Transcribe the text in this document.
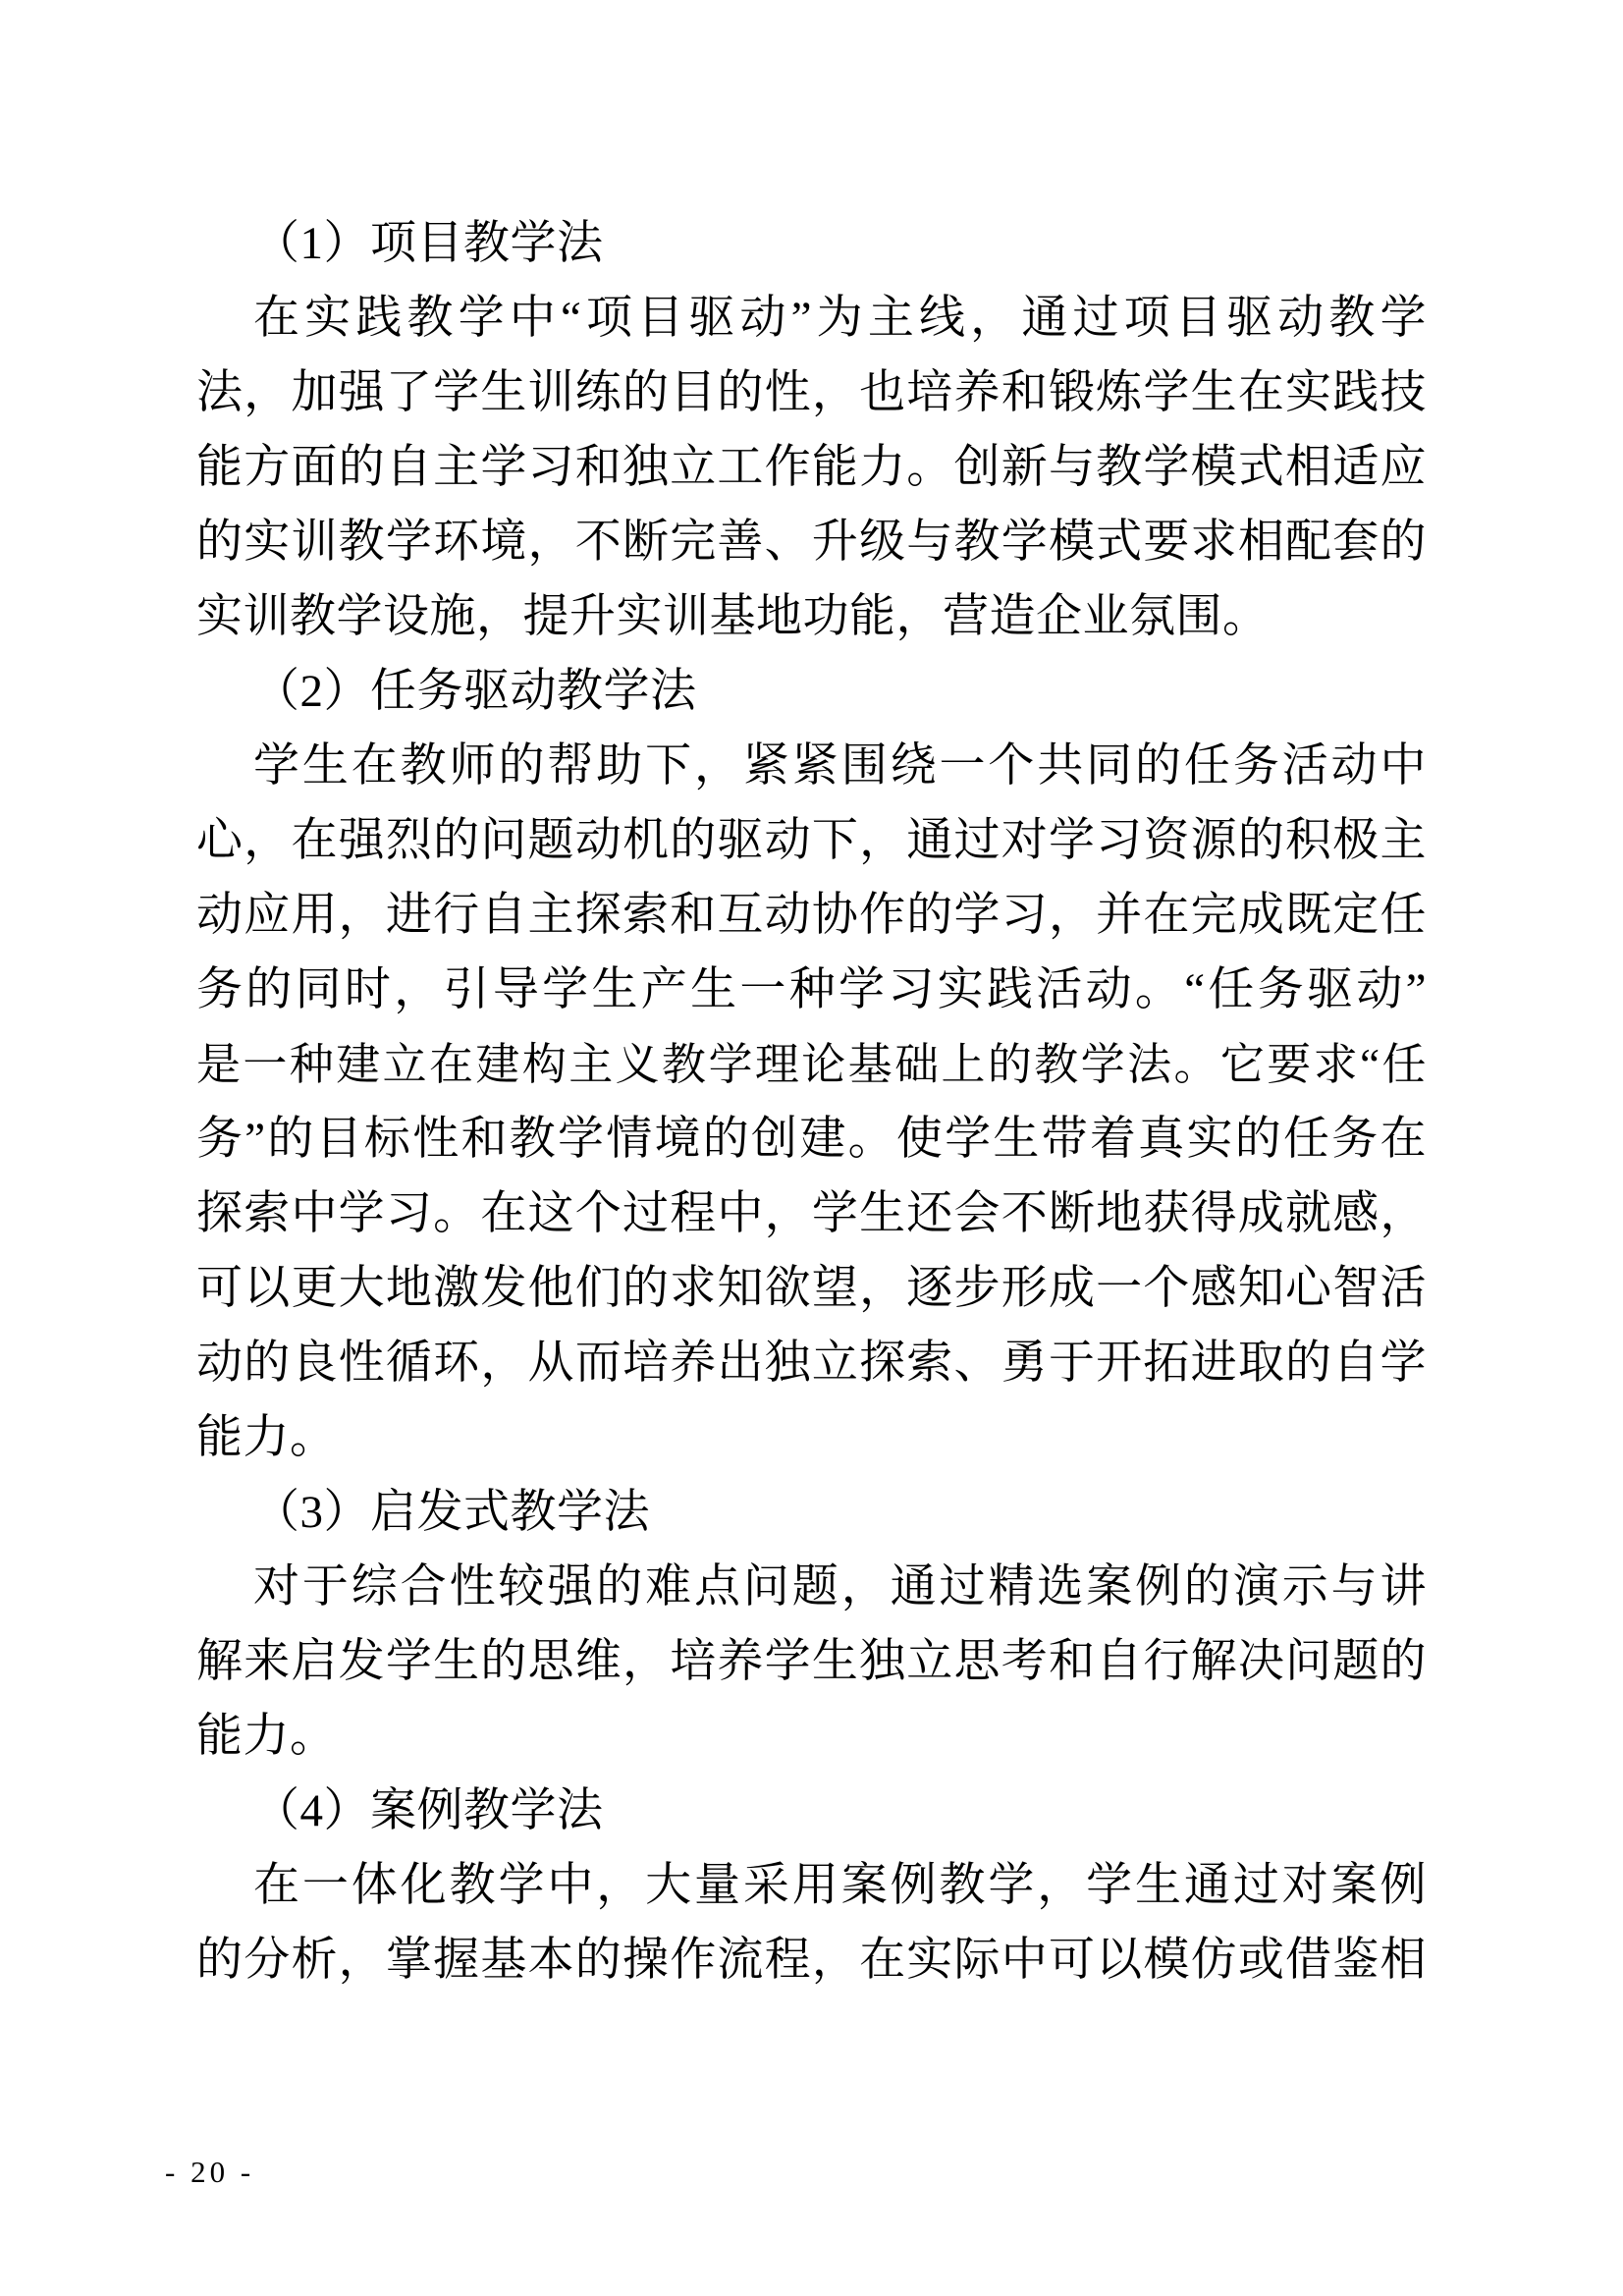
（1）项目教学法
在实践教学中“项目驱动”为主线，通过项目驱动教学
法，加强了学生训练的目的性，也培养和锻炼学生在实践技
能方面的自主学习和独立工作能力。创新与教学模式相适应
的实训教学环境，不断完善、升级与教学模式要求相配套的
实训教学设施，提升实训基地功能，营造企业氛围。
（2）任务驱动教学法
学生在教师的帮助下，紧紧围绕一个共同的任务活动中
心，在强烈的问题动机的驱动下，通过对学习资源的积极主
动应用，进行自主探索和互动协作的学习，并在完成既定任
务的同时，引导学生产生一种学习实践活动。“任务驱动”
是一种建立在建构主义教学理论基础上的教学法。它要求“任
务”的目标性和教学情境的创建。使学生带着真实的任务在
探索中学习。在这个过程中，学生还会不断地获得成就感，
可以更大地激发他们的求知欲望，逐步形成一个感知心智活
动的良性循环，从而培养出独立探索、勇于开拓进取的自学
能力。
（3）启发式教学法
对于综合性较强的难点问题，通过精选案例的演示与讲
解来启发学生的思维，培养学生独立思考和自行解决问题的
能力。
（4）案例教学法
在一体化教学中，大量采用案例教学，学生通过对案例
的分析，掌握基本的操作流程，在实际中可以模仿或借鉴相
- 20 -
